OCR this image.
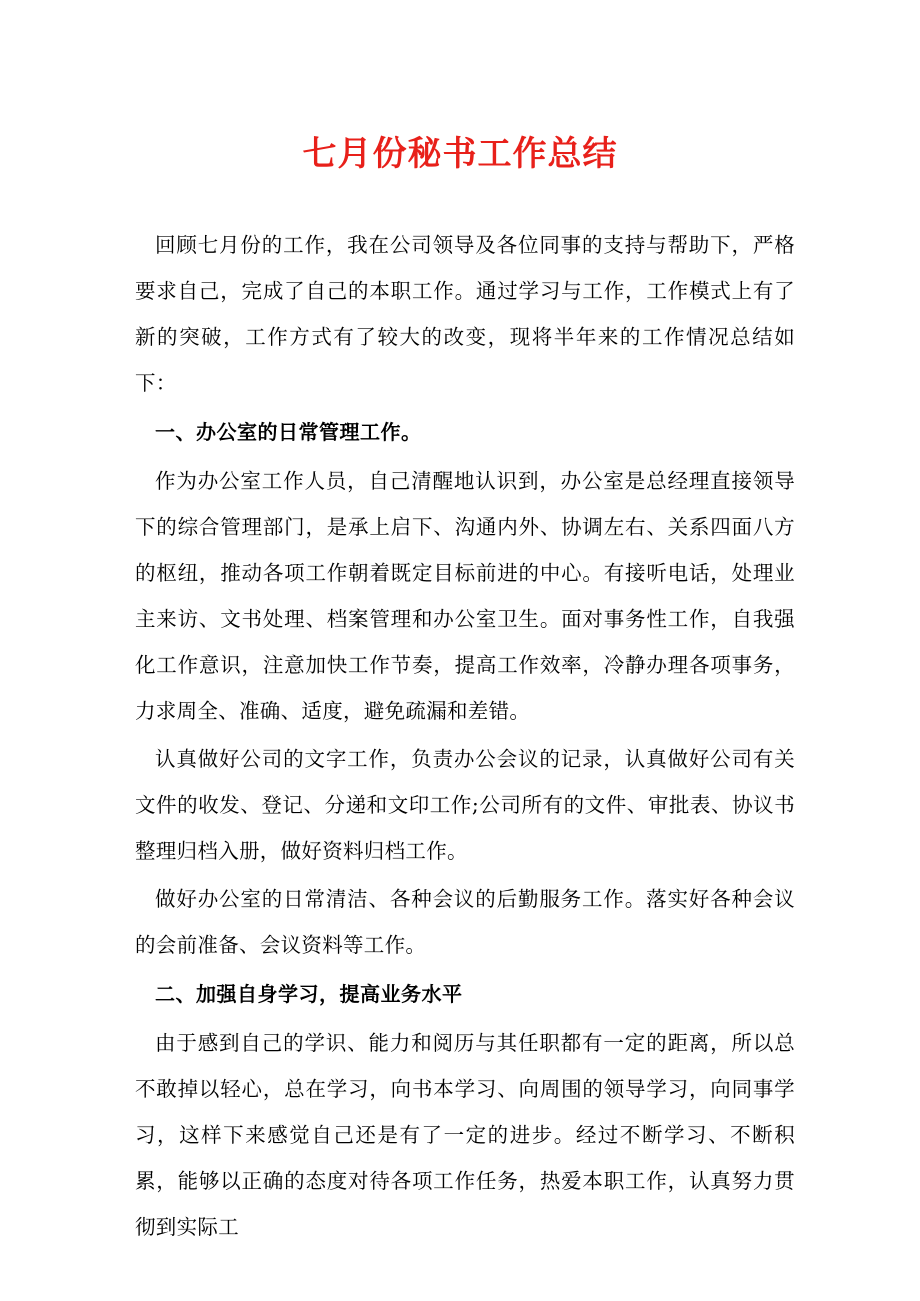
七月份秘书工作总结

回顾七月份的工作，我在公司领导及各位同事的支持与帮助下，严格要求自己，完成了自己的本职工作。通过学习与工作，工作模式上有了新的突破，工作方式有了较大的改变，现将半年来的工作情况总结如下：

一、办公室的日常管理工作。

作为办公室工作人员，自己清醒地认识到，办公室是总经理直接领导下的综合管理部门，是承上启下、沟通内外、协调左右、关系四面八方的枢纽，推动各项工作朝着既定目标前进的中心。有接听电话，处理业主来访、文书处理、档案管理和办公室卫生。面对事务性工作，自我强化工作意识，注意加快工作节奏，提高工作效率，冷静办理各项事务，力求周全、准确、适度，避免疏漏和差错。

认真做好公司的文字工作，负责办公会议的记录，认真做好公司有关文件的收发、登记、分递和文印工作;公司所有的文件、审批表、协议书整理归档入册，做好资料归档工作。

做好办公室的日常清洁、各种会议的后勤服务工作。落实好各种会议的会前准备、会议资料等工作。

二、加强自身学习，提高业务水平

由于感到自己的学识、能力和阅历与其任职都有一定的距离，所以总不敢掉以轻心，总在学习，向书本学习、向周围的领导学习，向同事学习，这样下来感觉自己还是有了一定的进步。经过不断学习、不断积累，能够以正确的态度对待各项工作任务，热爱本职工作，认真努力贯彻到实际工
